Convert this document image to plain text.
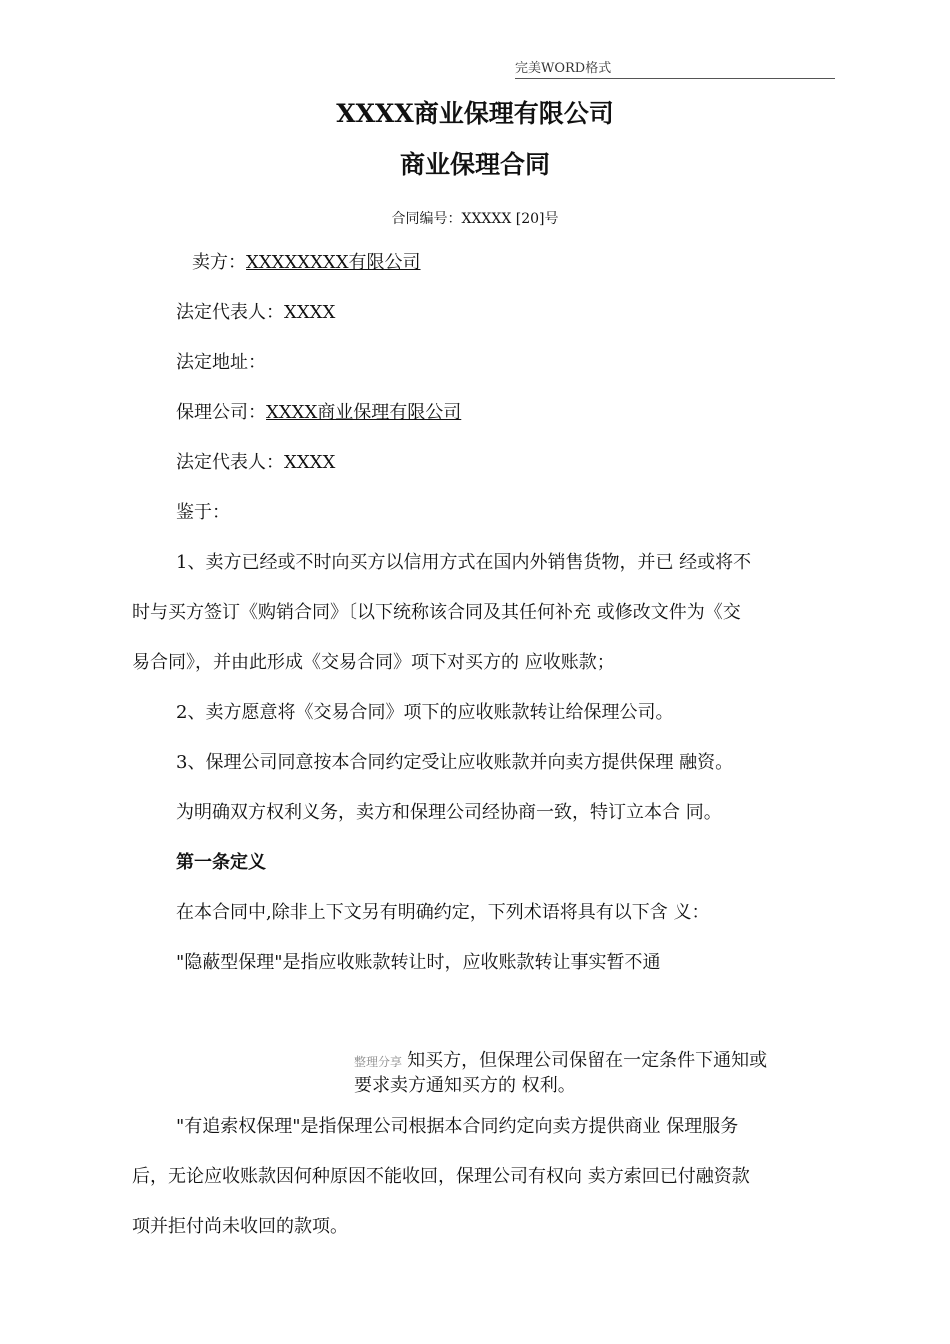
完美WORD格式
XXXX商业保理有限公司
商业保理合同
合同编号：XXXXX [20]号
卖方：XXXXXXXX有限公司
法定代表人：XXXX
法定地址：
保理公司：XXXX商业保理有限公司
法定代表人：XXXX
鉴于：
1、卖方已经或不时向买方以信用方式在国内外销售货物，并已 经或将不
时与买方签订《购销合同》〔以下统称该合同及其任何补充 或修改文件为《交
易合同》，并由此形成《交易合同》项下对买方的 应收账款；
2、卖方愿意将《交易合同》项下的应收账款转让给保理公司。
3、保理公司同意按本合同约定受让应收账款并向卖方提供保理 融资。
为明确双方权利义务，卖方和保理公司经协商一致，特订立本合 同。
第一条定义
在本合同中,除非上下文另有明确约定，下列术语将具有以下含 义：
"隐蔽型保理"是指应收账款转让时，应收账款转让事实暂不通
整理分享 知买方，但保理公司保留在一定条件下通知或
要求卖方通知买方的 权利。
"有追索权保理"是指保理公司根据本合同约定向卖方提供商业 保理服务
后，无论应收账款因何种原因不能收回，保理公司有权向 卖方索回已付融资款
项并拒付尚未收回的款项。
